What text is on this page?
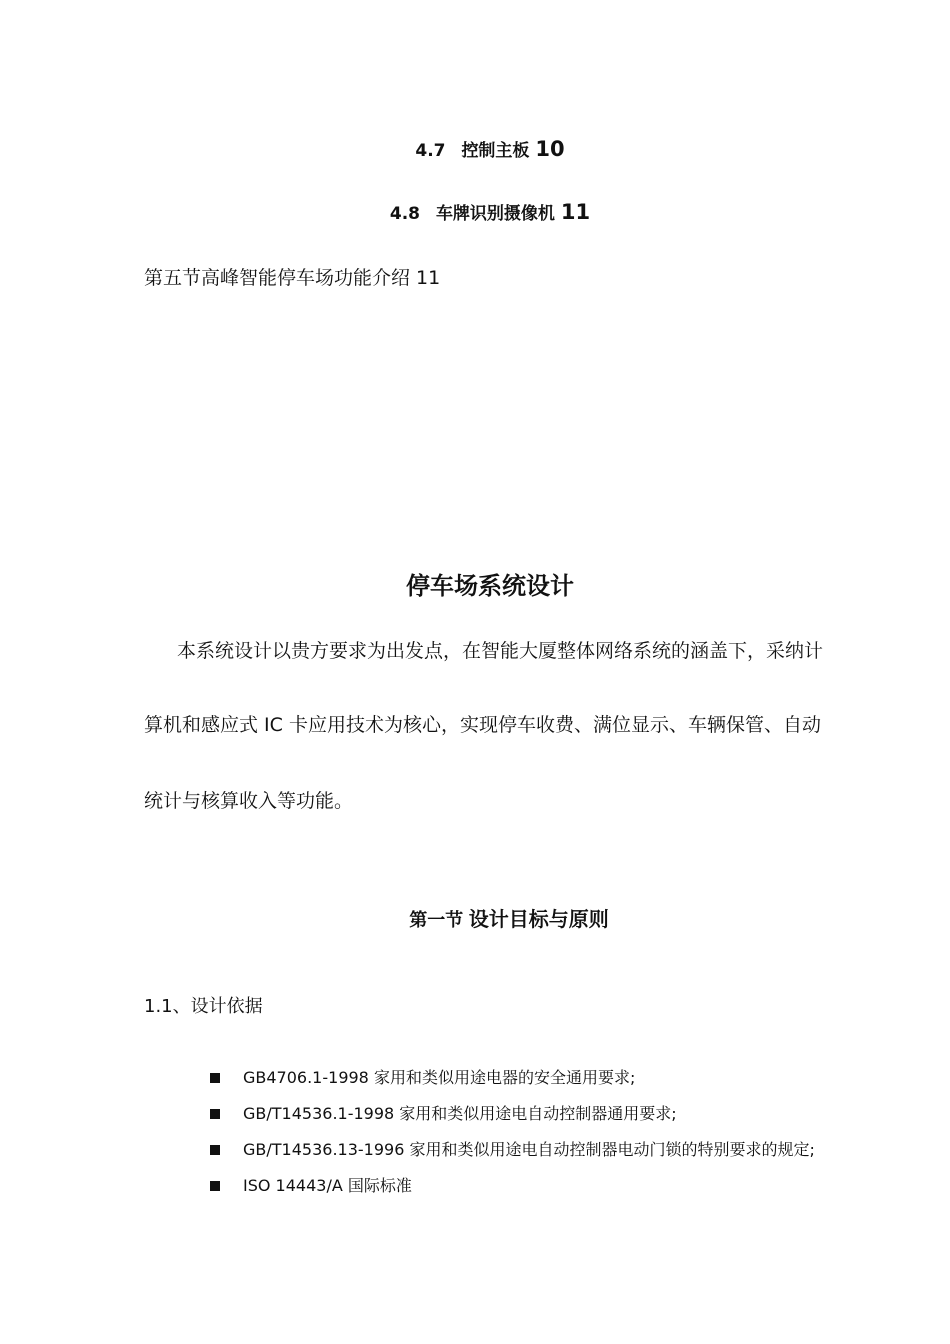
4.7 控制主板 10
4.8 车牌识别摄像机 11
第五节高峰智能停车场功能介绍 11
停车场系统设计
本系统设计以贵方要求为出发点，在智能大厦整体网络系统的涵盖下，采纳计
算机和感应式 IC 卡应用技术为核心，实现停车收费、满位显示、车辆保管、自动
统计与核算收入等功能。
第一节 设计目标与原则
1.1、设计依据
GB4706.1-1998 家用和类似用途电器的安全通用要求;
GB/T14536.1-1998 家用和类似用途电自动控制器通用要求;
GB/T14536.13-1996 家用和类似用途电自动控制器电动门锁的特别要求的规定;
ISO 14443/A 国际标准
